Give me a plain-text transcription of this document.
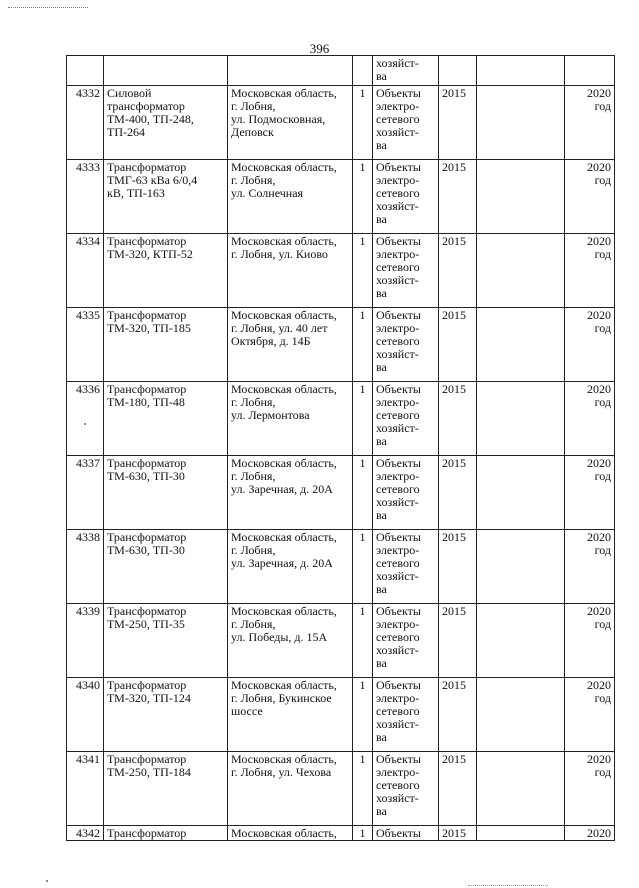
396
				хозяйст-
ва			
4332	Силовой
трансформатор
ТМ-400, ТП-248,
ТП-264	Московская область,
г. Лобня,
ул. Подмосковная,
Деповск	1	Объекты
электро-
сетевого
хозяйст-
ва	2015		2020
год
4333	Трансформатор
ТМГ-63 кВа 6/0,4
кВ, ТП-163	Московская область,
г. Лобня,
ул. Солнечная	1	Объекты
электро-
сетевого
хозяйст-
ва	2015		2020
год
4334	Трансформатор
ТМ-320, КТП-52	Московская область,
г. Лобня, ул. Киово	1	Объекты
электро-
сетевого
хозяйст-
ва	2015		2020
год
4335	Трансформатор
ТМ-320, ТП-185	Московская область,
г. Лобня, ул. 40 лет
Октября, д. 14Б	1	Объекты
электро-
сетевого
хозяйст-
ва	2015		2020
год
4336	Трансформатор
ТМ-180, ТП-48	Московская область,
г. Лобня,
ул. Лермонтова	1	Объекты
электро-
сетевого
хозяйст-
ва	2015		2020
год
4337	Трансформатор
ТМ-630, ТП-30	Московская область,
г. Лобня,
ул. Заречная, д. 20А	1	Объекты
электро-
сетевого
хозяйст-
ва	2015		2020
год
4338	Трансформатор
ТМ-630, ТП-30	Московская область,
г. Лобня,
ул. Заречная, д. 20А	1	Объекты
электро-
сетевого
хозяйст-
ва	2015		2020
год
4339	Трансформатор
ТМ-250, ТП-35	Московская область,
г. Лобня,
ул. Победы, д. 15А	1	Объекты
электро-
сетевого
хозяйст-
ва	2015		2020
год
4340	Трансформатор
ТМ-320, ТП-124	Московская область,
г. Лобня, Букинское
шоссе	1	Объекты
электро-
сетевого
хозяйст-
ва	2015		2020
год
4341	Трансформатор
ТМ-250, ТП-184	Московская область,
г. Лобня, ул. Чехова	1	Объекты
электро-
сетевого
хозяйст-
ва	2015		2020
год
4342	Трансформатор	Московская область,	1	Объекты	2015		2020
